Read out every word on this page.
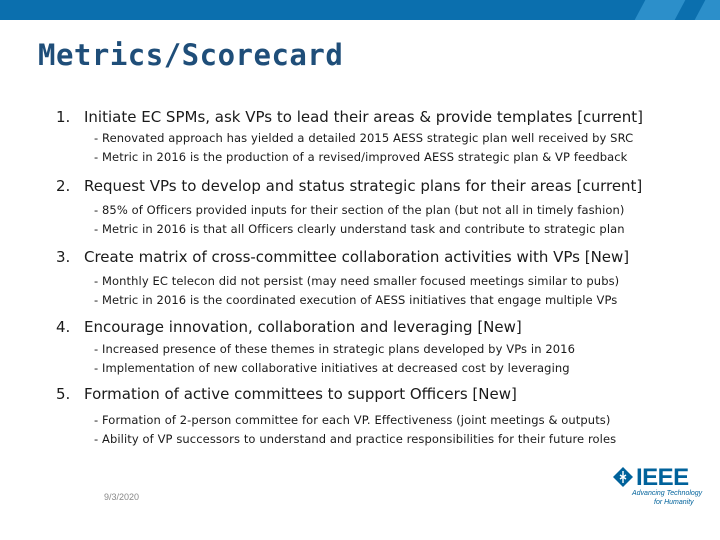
Metrics/Scorecard
1. Initiate EC SPMs, ask VPs to lead their areas & provide templates [current]
- Renovated approach has yielded a detailed 2015 AESS strategic plan well received by SRC
- Metric in 2016 is the production of a revised/improved AESS strategic plan & VP feedback
2. Request VPs to develop and status strategic plans for their areas [current]
- 85% of Officers provided inputs for their section of the plan (but not all in timely fashion)
- Metric in 2016 is that all Officers clearly understand task and contribute to strategic plan
3. Create matrix of cross-committee collaboration activities with VPs [New]
- Monthly EC telecon did not persist (may need smaller focused meetings similar to pubs)
- Metric in 2016 is the coordinated execution of AESS initiatives that engage multiple VPs
4. Encourage innovation, collaboration and leveraging [New]
- Increased presence of these themes in strategic plans developed by VPs in 2016
- Implementation of new collaborative initiatives at decreased cost by leveraging
5. Formation of active committees to support Officers [New]
- Formation of 2-person committee for each VP. Effectiveness (joint meetings & outputs)
- Ability of VP successors to understand and practice responsibilities for their future roles
9/3/2020
IEEE
Advancing Technology
for Humanity
